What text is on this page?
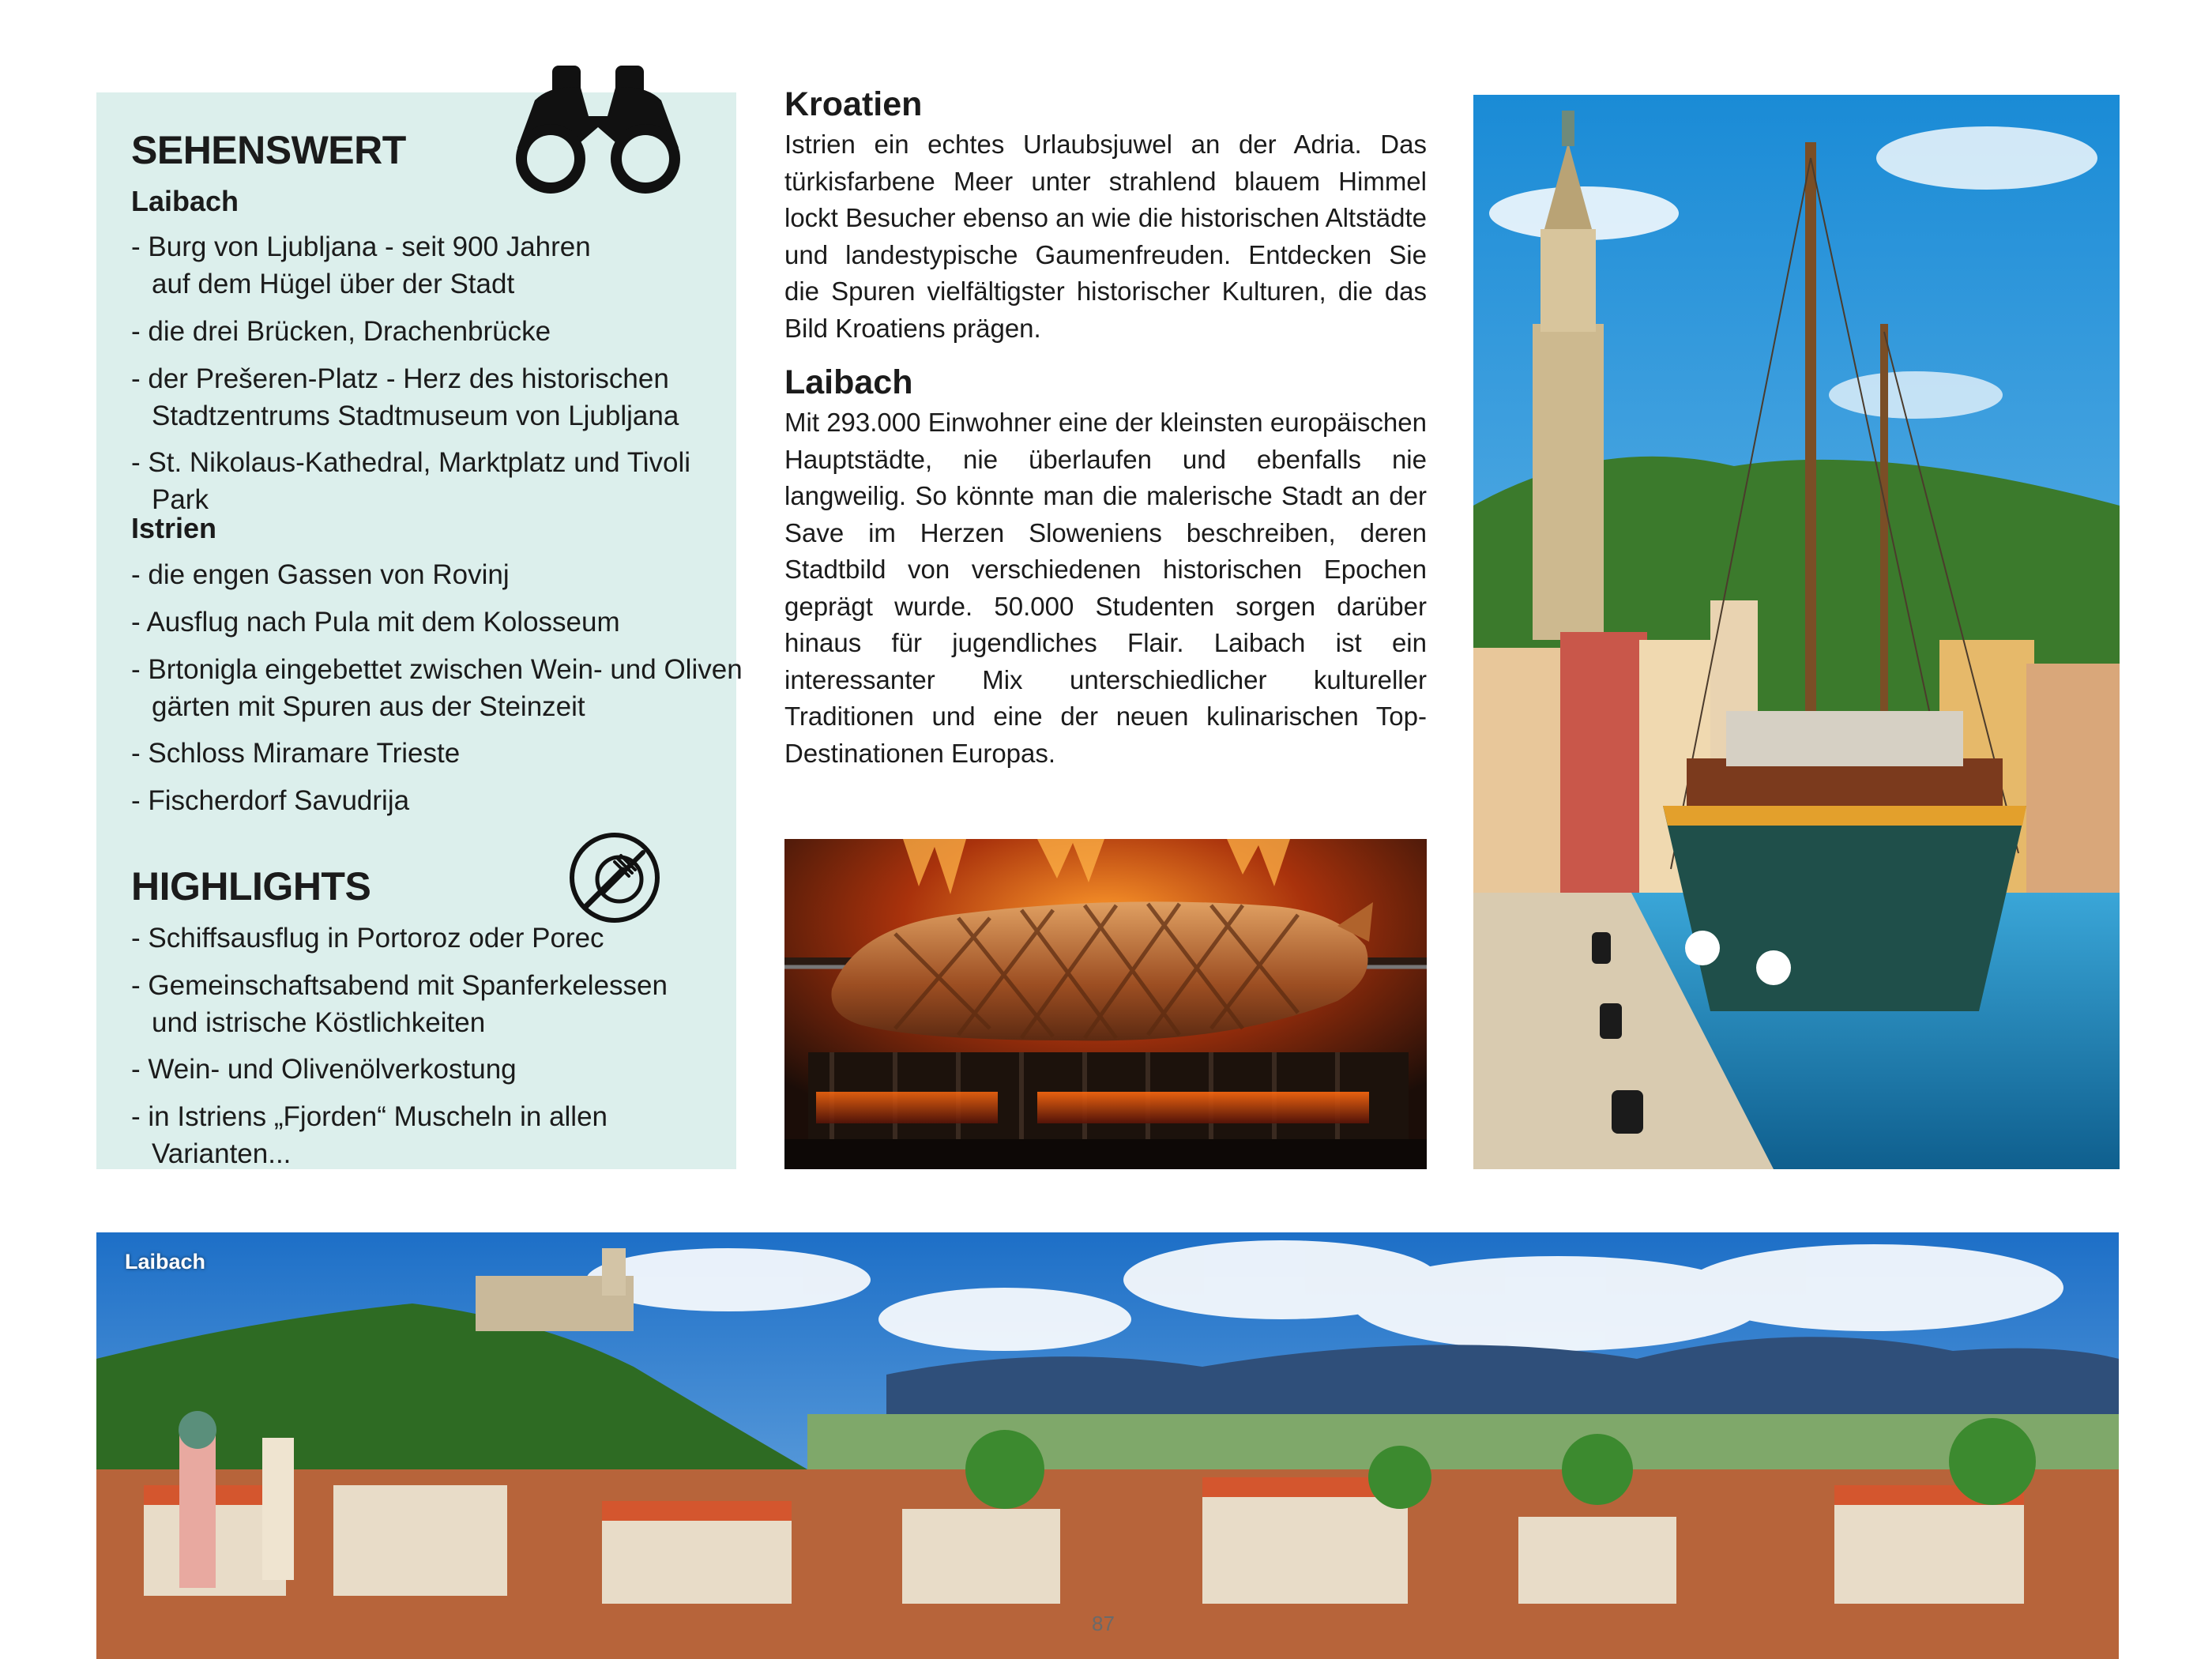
SEHENSWERT
Laibach
- Burg von Ljubljana - seit 900 Jahren
auf dem Hügel über der Stadt
- die drei Brücken, Drachenbrücke
- der Prešeren-Platz - Herz des historischen
Stadtzentrums Stadtmuseum von Ljubljana
- St. Nikolaus-Kathedral, Marktplatz und Tivoli Park
Istrien
- die engen Gassen von Rovinj
- Ausflug nach Pula mit dem Kolosseum
- Brtonigla eingebettet zwischen Wein- und Oliven
gärten mit Spuren aus der Steinzeit
- Schloss Miramare Trieste
- Fischerdorf Savudrija
HIGHLIGHTS
- Schiffsausflug in Portoroz oder Porec
- Gemeinschaftsabend mit Spanferkelessen
und istrische Köstlichkeiten
- Wein- und Olivenölverkostung
- in Istriens „Fjorden“ Muscheln in allen Varianten...
Kroatien
Istrien ein echtes Urlaubsjuwel an der Adria. Das türkisfarbene Meer unter strahlend blauem Himmel lockt Besucher ebenso an wie die historischen Altstädte und landestypische Gaumenfreuden. Entdecken Sie die Spuren vielfältigster historischer Kulturen, die das Bild Kroatiens prägen.
Laibach
Mit 293.000 Einwohner eine der kleinsten europäischen Hauptstädte, nie überlaufen und ebenfalls nie langweilig. So könnte man die malerische Stadt an der Save im Herzen Sloweniens beschreiben, deren Stadtbild von verschiedenen historischen Epochen geprägt wurde. 50.000 Studenten sorgen darüber hinaus für jugendliches Flair. Laibach ist ein interessanter Mix unterschiedlicher kultureller Traditionen und eine der neuen kulinarischen Top-Destinationen Europas.
Laibach
87
